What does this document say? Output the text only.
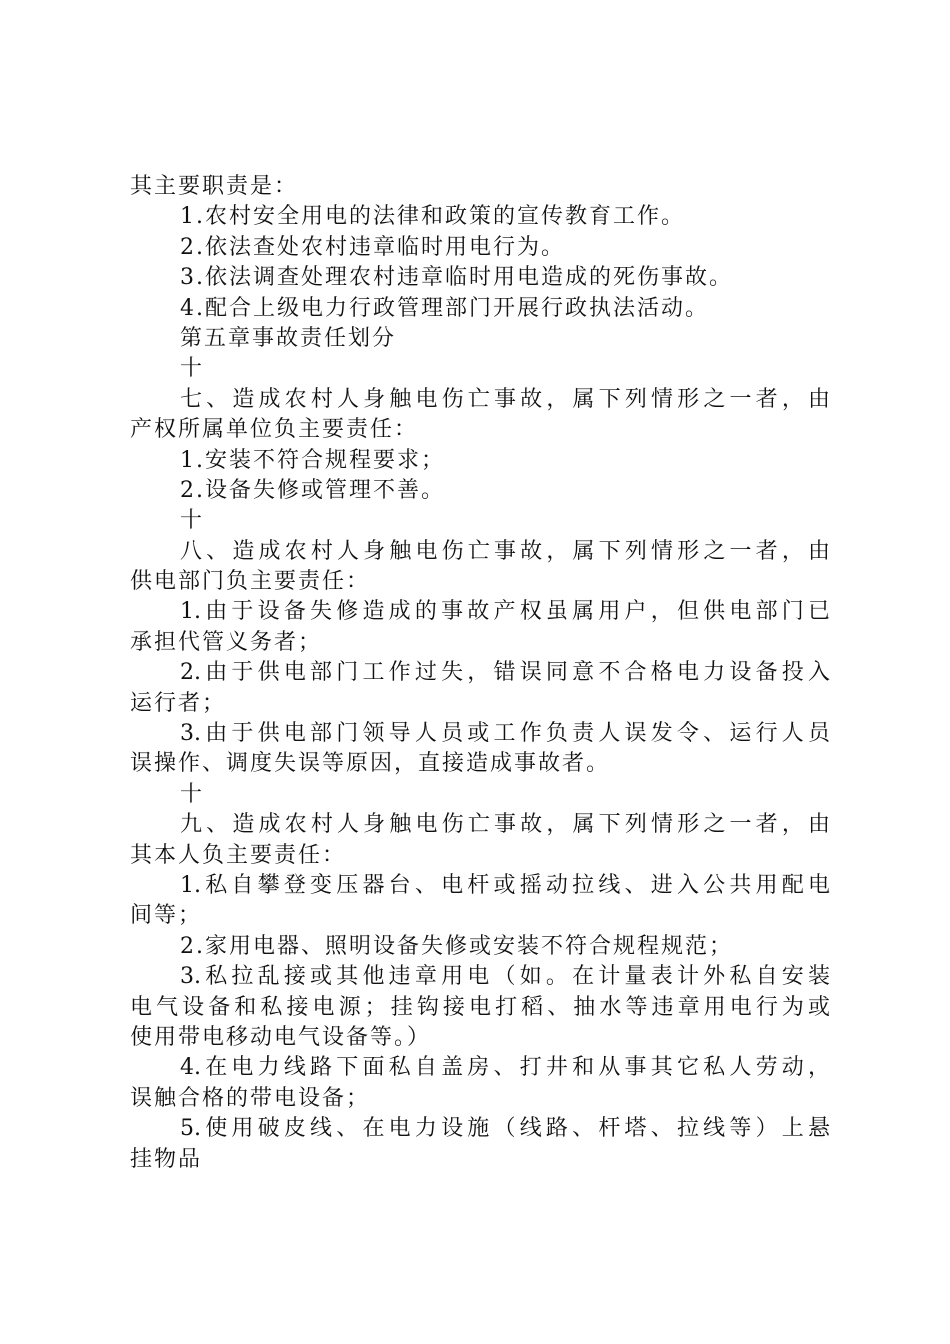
其主要职责是：
1.农村安全用电的法律和政策的宣传教育工作。
2.依法查处农村违章临时用电行为。
3.依法调查处理农村违章临时用电造成的死伤事故。
4.配合上级电力行政管理部门开展行政执法活动。
第五章事故责任划分
十
七、造成农村人身触电伤亡事故，属下列情形之一者，由
产权所属单位负主要责任：
1.安装不符合规程要求；
2.设备失修或管理不善。
十
八、造成农村人身触电伤亡事故，属下列情形之一者，由
供电部门负主要责任：
1.由于设备失修造成的事故产权虽属用户，但供电部门已
承担代管义务者；
2.由于供电部门工作过失，错误同意不合格电力设备投入
运行者；
3.由于供电部门领导人员或工作负责人误发令、运行人员
误操作、调度失误等原因，直接造成事故者。
十
九、造成农村人身触电伤亡事故，属下列情形之一者，由
其本人负主要责任：
1.私自攀登变压器台、电杆或摇动拉线、进入公共用配电
间等；
2.家用电器、照明设备失修或安装不符合规程规范；
3.私拉乱接或其他违章用电（如。在计量表计外私自安装
电气设备和私接电源；挂钩接电打稻、抽水等违章用电行为或
使用带电移动电气设备等。）
4.在电力线路下面私自盖房、打井和从事其它私人劳动，
误触合格的带电设备；
5.使用破皮线、在电力设施（线路、杆塔、拉线等）上悬
挂物品
